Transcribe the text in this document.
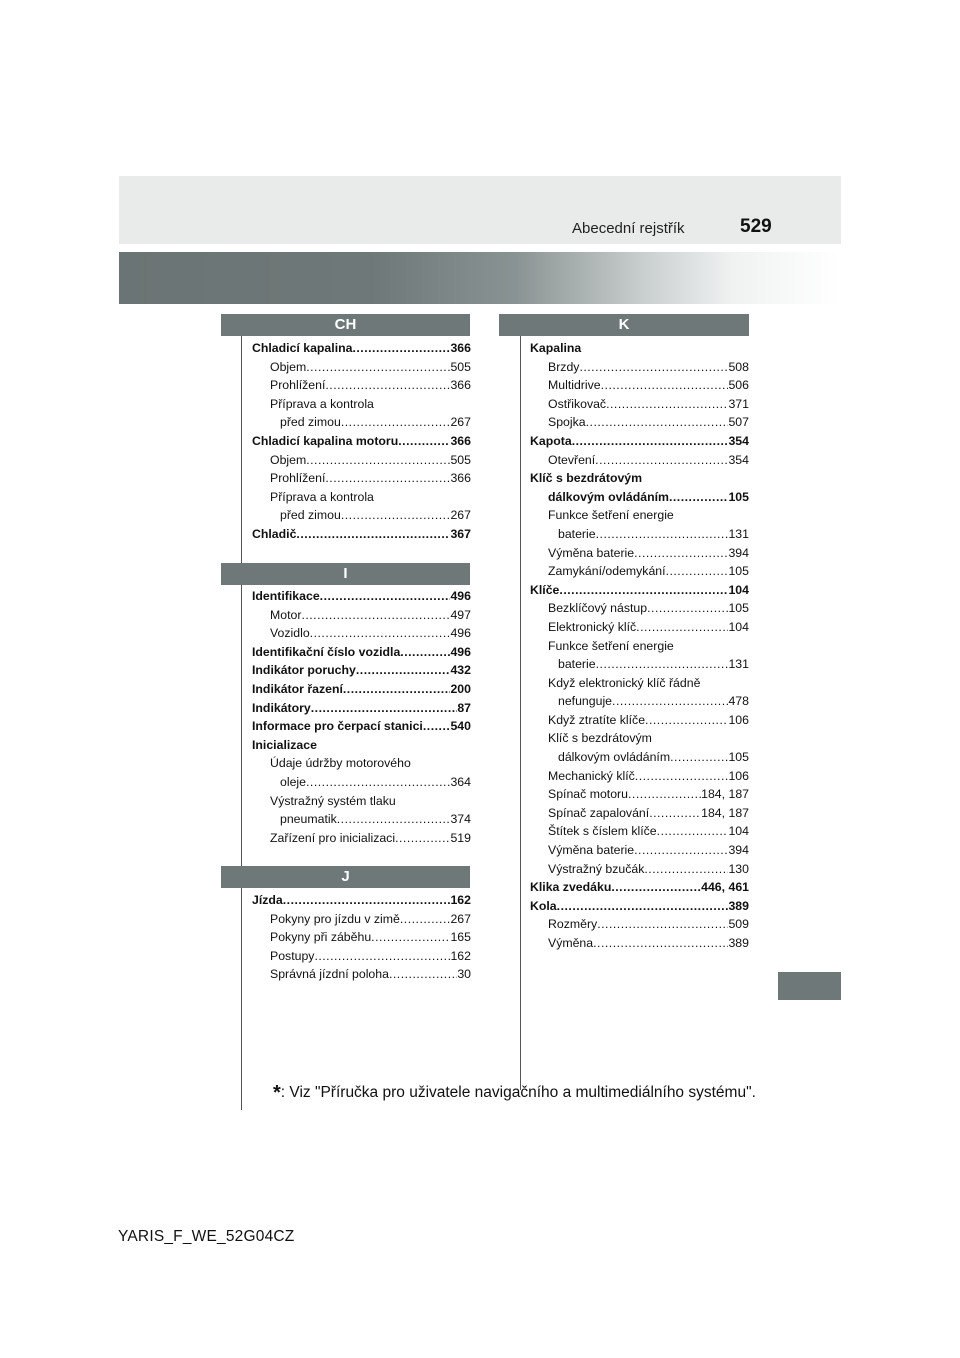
Abecední rejstřík	529
CH
Chladicí kapalina .....	366
Objem .....	505
Prohlížení .....	366
Příprava a kontrola
před zimou .....	267
Chladicí kapalina motoru .....	366
Objem .....	505
Prohlížení .....	366
Příprava a kontrola
před zimou .....	267
Chladič .....	367
I
Identifikace .....	496
Motor .....	497
Vozidlo .....	496
Identifikační číslo vozidla .....	496
Indikátor poruchy .....	432
Indikátor řazení .....	200
Indikátory .....	87
Informace pro čerpací stanici ..... 540
Inicializace
Údaje údržby motorového
oleje .....	364
Výstražný systém tlaku
pneumatik .....	374
Zařízení pro inicializaci .....	519
J
Jízda .....	162
Pokyny pro jízdu v zimě .....	267
Pokyny při záběhu .....	165
Postupy .....	162
Správná jízdní poloha .....	30
K
Kapalina
Brzdy .....	508
Multidrive .....	506
Ostřikovač .....	371
Spojka .....	507
Kapota .....	354
Otevření .....	354
Klíč s bezdrátovým
dálkovým ovládáním .....	105
Funkce šetření energie
baterie .....	131
Výměna baterie .....	394
Zamykání/odemykání .....	105
Klíče .....	104
Bezklíčový nástup .....	105
Elektronický klíč .....	104
Funkce šetření energie
baterie .....	131
Když elektronický klíč řádně
nefunguje .....	478
Když ztratíte klíče .....	106
Klíč s bezdrátovým
dálkovým ovládáním .....	105
Mechanický klíč .....	106
Spínač motoru .....	184, 187
Spínač zapalování .....	184, 187
Štítek s číslem klíče .....	104
Výměna baterie .....	394
Výstražný bzučák .....	130
Klika zvedáku .....	446, 461
Kola .....	389
Rozměry .....	509
Výměna .....	389
*: Viz "Příručka pro uživatele navigačního a multimediálního systému".
YARIS_F_WE_52G04CZ
